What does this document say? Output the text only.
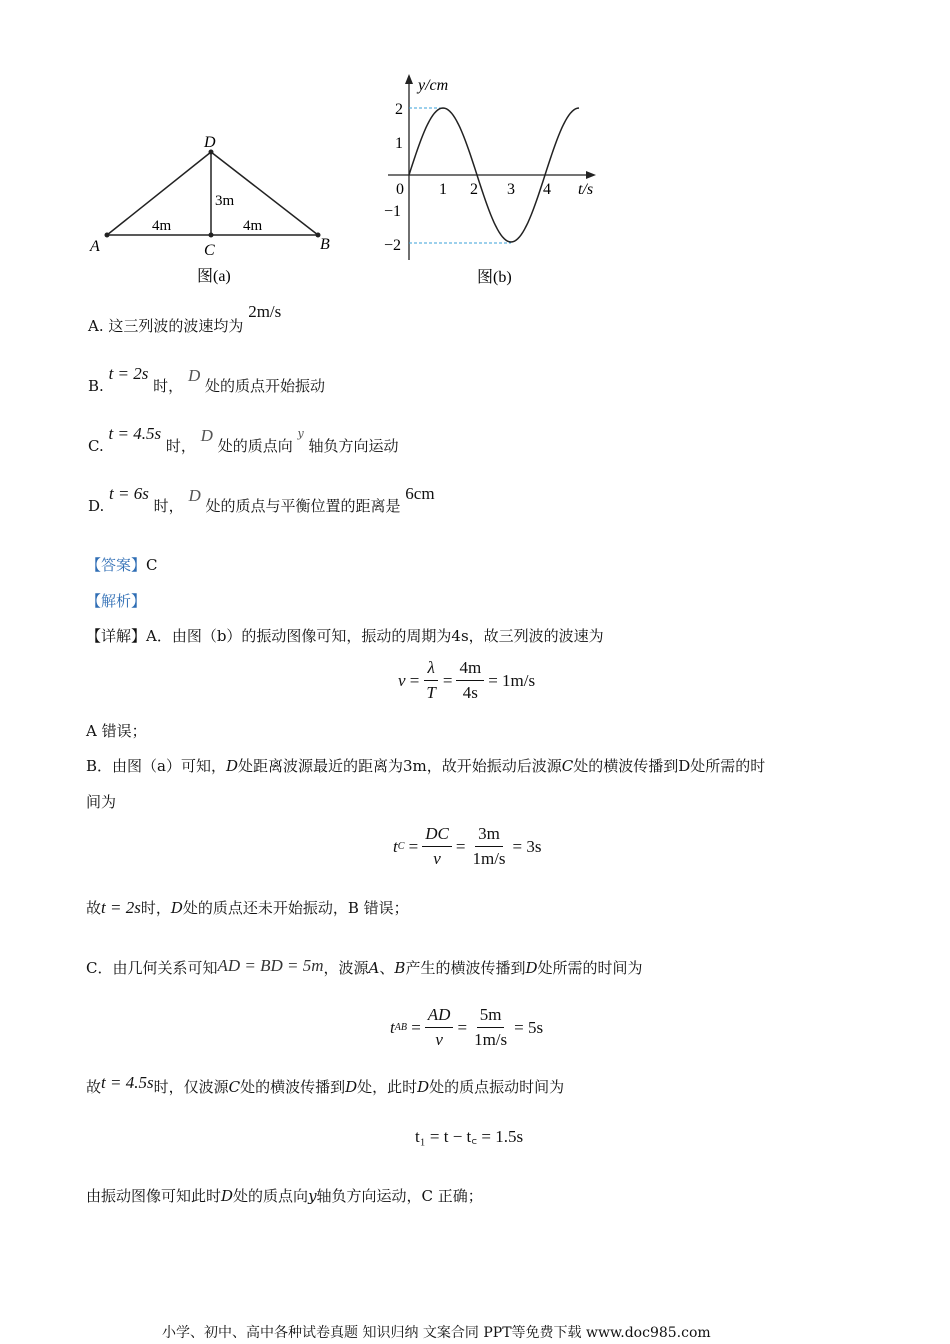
D
A	C	B
3m
4m	4m
图(a)
y/cm
t/s
0 1 2 3 4
2
1
−1
−2
图(b)
A. 这三列波的波速均为 2m/s
B. t = 2s 时， D 处的质点开始振动
C. t = 4.5s 时， D 处的质点向 $^y$ 轴负方向运动
D. t = 6s 时， D 处的质点与平衡位置的距离是 6cm
【答案】C
【解析】
【详解】A．由图（b）的振动图像可知，振动的周期为4s，故三列波的波速为
$v = \frac{\lambda}{T} = \frac{4m}{4s} = 1m/s$
A 错误；
B．由图（a）可知，D处距离波源最近的距离为3m，故开始振动后波源C处的横波传播到D处所需的时
间为
t $C = \frac{DC}{v} = \frac{3m}{1m/s} = 3s$
故t = 2s时，D处的质点还未开始振动，B 错误；
C．由几何关系可知AD = BD = 5m，波源A、B产生的横波传播到D处所需的时间为
t AB = $\frac{AD}{v} = \frac{5m}{1m/s} = 5s$
故t = 4.5s时，仅波源C处的横波传播到D处，此时D处的质点振动时间为
t₁ = t − t꜀ = 1.5s
由振动图像可知此时D处的质点向y轴负方向运动，C 正确；
小学、初中、高中各种试卷真题 知识归纳 文案合同 PPT等免费下载 www.doc985.com
